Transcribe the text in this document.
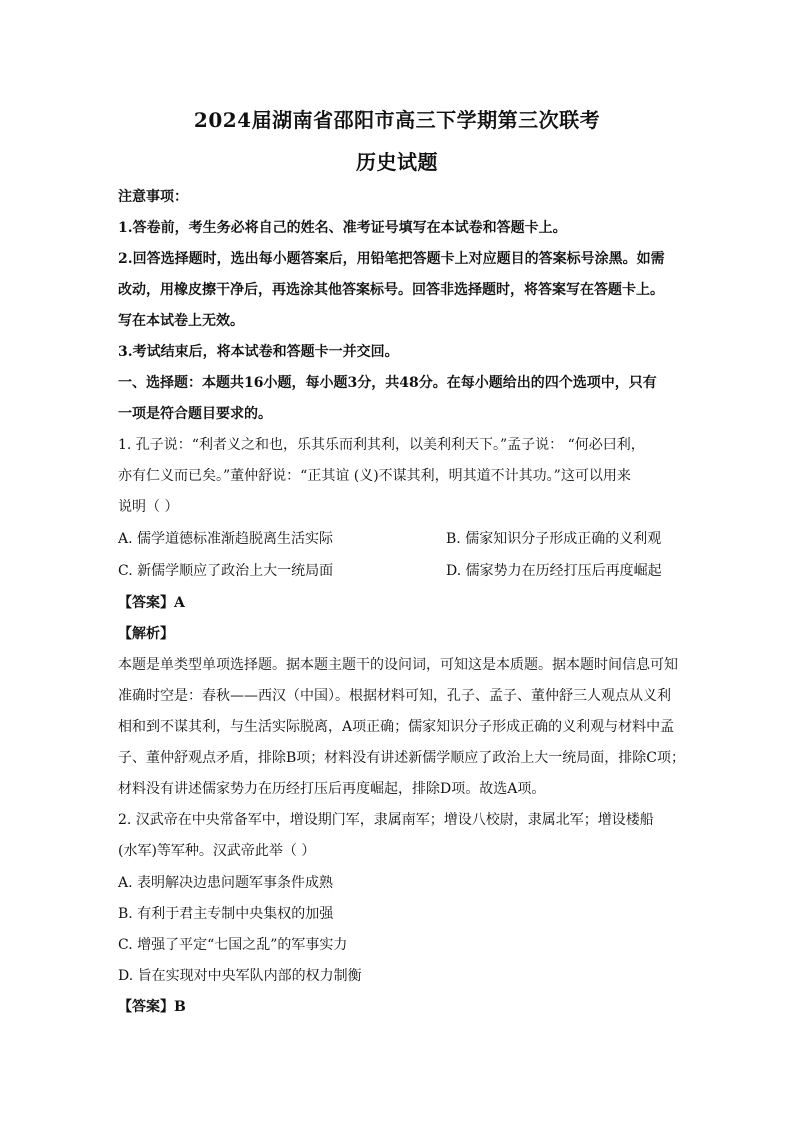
2024届湖南省邵阳市高三下学期第三次联考
历史试题
注意事项：
1.答卷前，考生务必将自己的姓名、准考证号填写在本试卷和答题卡上。
2.回答选择题时，选出每小题答案后，用铅笔把答题卡上对应题目的答案标号涂黑。如需
改动，用橡皮擦干净后，再选涂其他答案标号。回答非选择题时，将答案写在答题卡上。
写在本试卷上无效。
3.考试结束后，将本试卷和答题卡一并交回。
一、选择题：本题共16小题，每小题3分，共48分。在每小题给出的四个选项中，只有
一项是符合题目要求的。
1. 孔子说：“利者义之和也，乐其乐而利其利，以美利利天下。”孟子说： “何必曰利，
亦有仁义而已矣。”董仲舒说：“正其谊 (义)不谋其利，明其道不计其功。”这可以用来
说明（ ）
A. 儒学道德标准渐趋脱离生活实际	B. 儒家知识分子形成正确的义利观
C. 新儒学顺应了政治上大一统局面	D. 儒家势力在历经打压后再度崛起
【答案】A
【解析】
本题是单类型单项选择题。据本题主题干的设问词，可知这是本质题。据本题时间信息可知
准确时空是：春秋——西汉（中国）。根据材料可知，孔子、孟子、董仲舒三人观点从义利
相和到不谋其利，与生活实际脱离，A项正确；儒家知识分子形成正确的义利观与材料中孟
子、董仲舒观点矛盾，排除B项；材料没有讲述新儒学顺应了政治上大一统局面，排除C项；
材料没有讲述儒家势力在历经打压后再度崛起，排除D项。故选A项。
2. 汉武帝在中央常备军中，增设期门军，隶属南军；增设八校尉，隶属北军；增设楼船
(水军)等军种。汉武帝此举（ ）
A. 表明解决边患问题军事条件成熟
B. 有利于君主专制中央集权的加强
C. 增强了平定“七国之乱”的军事实力
D. 旨在实现对中央军队内部的权力制衡
【答案】B
